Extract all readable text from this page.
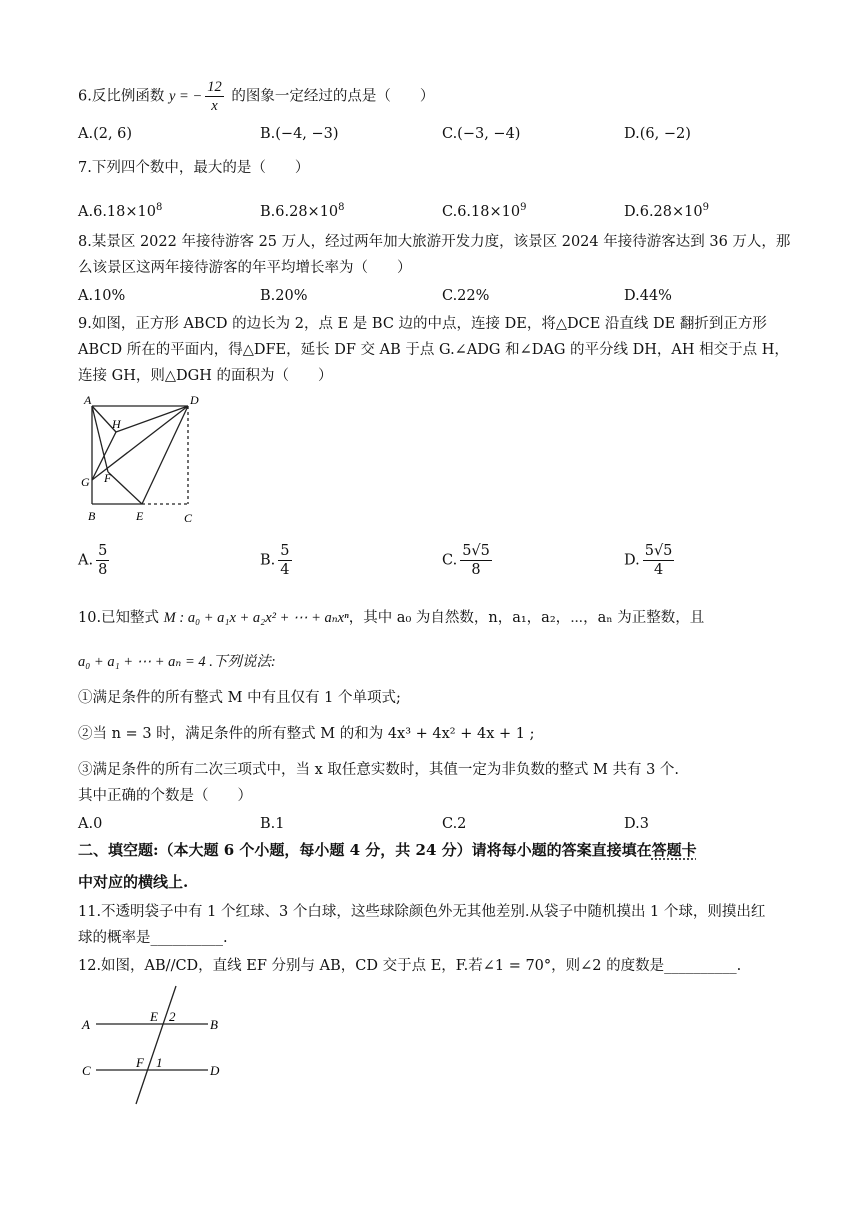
6.反比例函数 y = − $\frac{12}{x}$ 的图象一定经过的点是（　　）
A.(2, 6)	B.(−4, −3)	C.(−3, −4)	D.(6, −2)
7.下列四个数中，最大的是（　　）
$A.6.18\times 10^8$	$B.6.28\times 10^8$	$C.6.18\times 10^9$	$D.6.28\times 10^9$
8.某景区 2022 年接待游客 25 万人，经过两年加大旅游开发力度，该景区 2024 年接待游客达到 36 万人，那
么该景区这两年接待游客的年平均增长率为（　　）
A.10%	B.20%	C.22%	D.44%
9.如图，正方形 ABCD 的边长为 2，点 E 是 BC 边的中点，连接 DE，将△DCE 沿直线 DE 翻折到正方形
ABCD 所在的平面内，得△DFE，延长 DF 交 AB 于点 G.∠ADG 和∠DAG 的平分线 DH，AH 相交于点 H，
连接 GH，则△DGH 的面积为（　　）
A	D
H
G F
B	E	C
A. $\frac{5}{8}$	B. $\frac{5}{4}$	C. $\frac{5√5}{8}$	D. $\frac{5√5}{4}$
10.已知整式 M : a₀ + a₁x + a₂x² + ⋯ + aₙxⁿ，其中 a₀ 为自然数，n，a₁，a₂，⋯，aₙ 为正整数，且
a₀ + a₁ + ⋯ + aₙ = 4 .下列说法:
①满足条件的所有整式 M 中有且仅有 1 个单项式;
②当 n = 3 时，满足条件的所有整式 M 的和为 4x³ + 4x² + 4x + 1 ;
③满足条件的所有二次三项式中，当 x 取任意实数时，其值一定为非负数的整式 M 共有 3 个.
其中正确的个数是（　　）
A.0	B.1	C.2	D.3
二、填空题:（本大题 6 个小题，每小题 4 分，共 24 分）请将每小题的答案直接填在答题卡
中对应的横线上.
11.不透明袋子中有 1 个红球、3 个白球，这些球除颜色外无其他差别.从袋子中随机摸出 1 个球，则摸出红
球的概率是__________.
12.如图，AB//CD，直线 EF 分别与 AB，CD 交于点 E，F.若∠1 = 70°，则∠2 的度数是__________.
A	B
C	D
E 2
F 1
